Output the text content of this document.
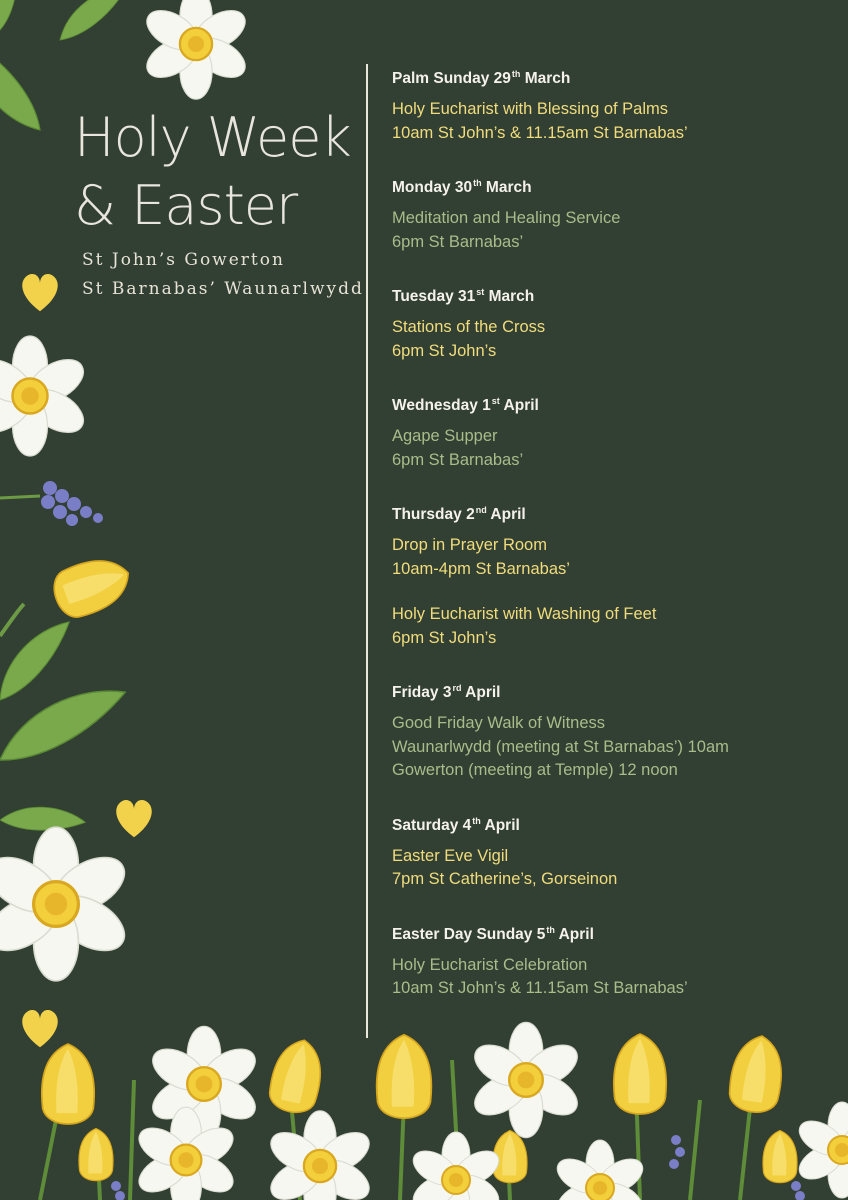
Holy Week
& Easter
St John’s Gowerton
St Barnabas’ Waunarlwydd
Palm Sunday 29th March
Holy Eucharist with Blessing of Palms
10am St John’s & 11.15am St Barnabas’
Monday 30th March
Meditation and Healing Service
6pm St Barnabas’
Tuesday 31st March
Stations of the Cross
6pm St John’s
Wednesday 1st April
Agape Supper
6pm St Barnabas’
Thursday 2nd April
Drop in Prayer Room
10am-4pm St Barnabas’
Holy Eucharist with Washing of Feet
6pm St John’s
Friday 3rd April
Good Friday Walk of Witness
Waunarlwydd (meeting at St Barnabas’) 10am
Gowerton (meeting at Temple) 12 noon
Saturday 4th April
Easter Eve Vigil
7pm St Catherine’s, Gorseinon
Easter Day Sunday 5th April
Holy Eucharist Celebration
10am St John’s & 11.15am St Barnabas’
